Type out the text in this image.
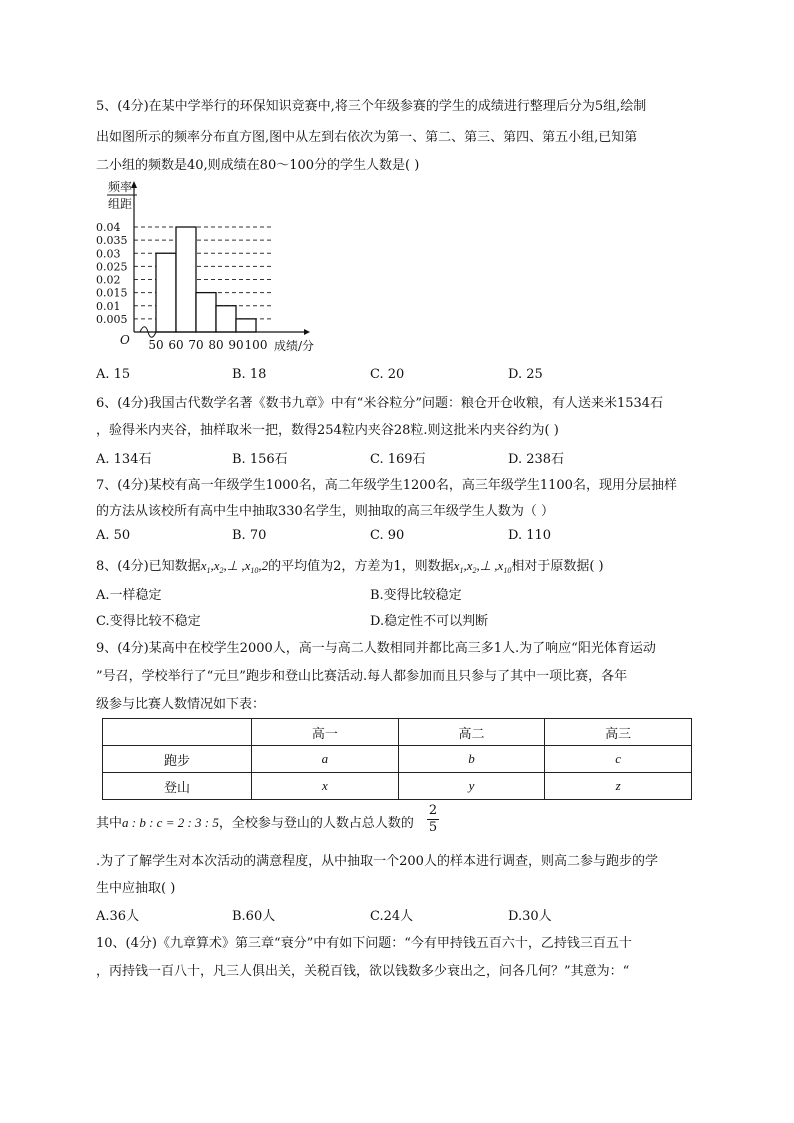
5、(4分)在某中学举行的环保知识竞赛中,将三个年级参赛的学生的成绩进行整理后分为5组,绘制
出如图所示的频率分布直方图,图中从左到右依次为第一、第二、第三、第四、第五小组,已知第
二小组的频数是40,则成绩在80～100分的学生人数是( )
0.04
0.035
0.03
0.025
0.02
0.015
0.01
0.005
50 60 70 80 90 100
频率
组距
O	成绩/分
A. 15	B. 18	C. 20	D. 25
6、(4分)我国古代数学名著《数书九章》中有“米谷粒分”问题：粮仓开仓收粮，有人送来米1534石
，验得米内夹谷，抽样取米一把，数得254粒内夹谷28粒.则这批米内夹谷约为( )
A. 134石	B. 156石	C. 169石	D. 238石
7、(4分)某校有高一年级学生1000名，高二年级学生1200名，高三年级学生1100名，现用分层抽样
的方法从该校所有高中生中抽取330名学生，则抽取的高三年级学生人数为（ ）
A. 50	B. 70	C. 90	D. 110
8、(4分)已知数据$x_1,x_2,\perp$ $,x_{10},2$的平均值为2，方差为1，则数据$x_1,x_2,\perp$ $,x_{10}$相对于原数据( )
A.一样稳定	B.变得比较稳定
C.变得比较不稳定	D.稳定性不可以判断
9、(4分)某高中在校学生2000人，高一与高二人数相同并都比高三多1人.为了响应“阳光体育运动
”号召，学校举行了“元旦”跑步和登山比赛活动.每人都参加而且只参与了其中一项比赛，各年
级参与比赛人数情况如下表：
	高一	高二	高三
跑步	a	b	c
登山	x	y	z
其中a : b : c = 2 : 3 : 5，全校参与登山的人数占总人数的
2
5
.为了了解学生对本次活动的满意程度，从中抽取一个200人的样本进行调查，则高二参与跑步的学
生中应抽取( )
A.36人	B.60人	C.24人	D.30人
10、(4分)《九章算术》第三章“衰分”中有如下问题：“今有甲持钱五百六十，乙持钱三百五十
，丙持钱一百八十，凡三人俱出关，关税百钱，欲以钱数多少衰出之，问各几何？”其意为：“
